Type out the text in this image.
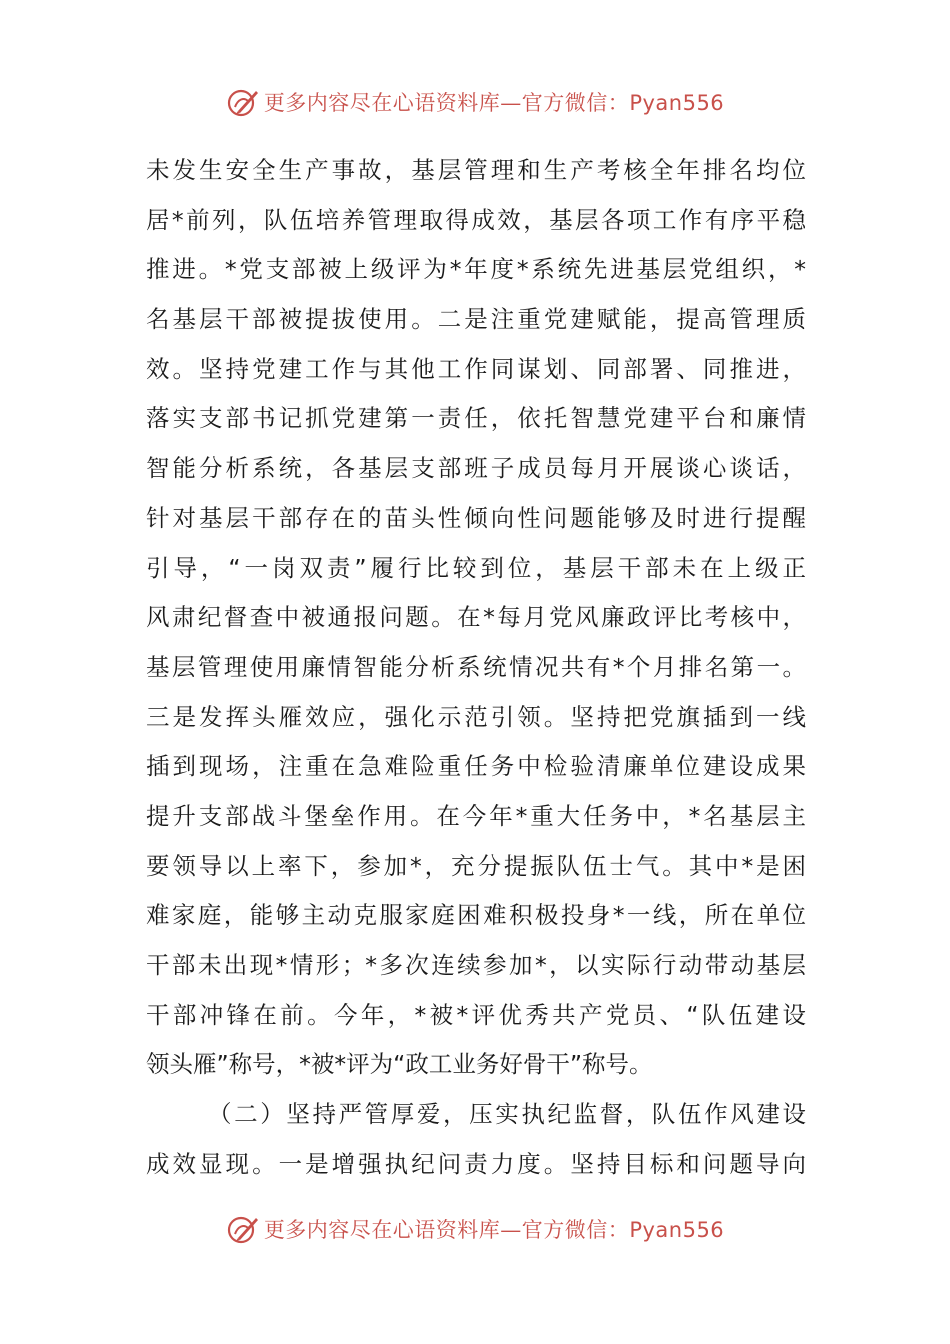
更多内容尽在心语资料库—官方微信：Pyan556
未发生安全生产事故，基层管理和生产考核全年排名均位
居*前列，队伍培养管理取得成效，基层各项工作有序平稳
推进。*党支部被上级评为*年度*系统先进基层党组织，*
名基层干部被提拔使用。二是注重党建赋能，提高管理质
效。坚持党建工作与其他工作同谋划、同部署、同推进，
落实支部书记抓党建第一责任，依托智慧党建平台和廉情
智能分析系统，各基层支部班子成员每月开展谈心谈话，
针对基层干部存在的苗头性倾向性问题能够及时进行提醒
引导，“一岗双责”履行比较到位，基层干部未在上级正
风肃纪督查中被通报问题。在*每月党风廉政评比考核中，
基层管理使用廉情智能分析系统情况共有*个月排名第一。
三是发挥头雁效应，强化示范引领。坚持把党旗插到一线
插到现场，注重在急难险重任务中检验清廉单位建设成果
提升支部战斗堡垒作用。在今年*重大任务中，*名基层主
要领导以上率下，参加*，充分提振队伍士气。其中*是困
难家庭，能够主动克服家庭困难积极投身*一线，所在单位
干部未出现*情形；*多次连续参加*，以实际行动带动基层
干部冲锋在前。今年，*被*评优秀共产党员、“队伍建设
领头雁”称号，*被*评为“政工业务好骨干”称号。
（二）坚持严管厚爱，压实执纪监督，队伍作风建设
成效显现。一是增强执纪问责力度。坚持目标和问题导向
更多内容尽在心语资料库—官方微信：Pyan556
